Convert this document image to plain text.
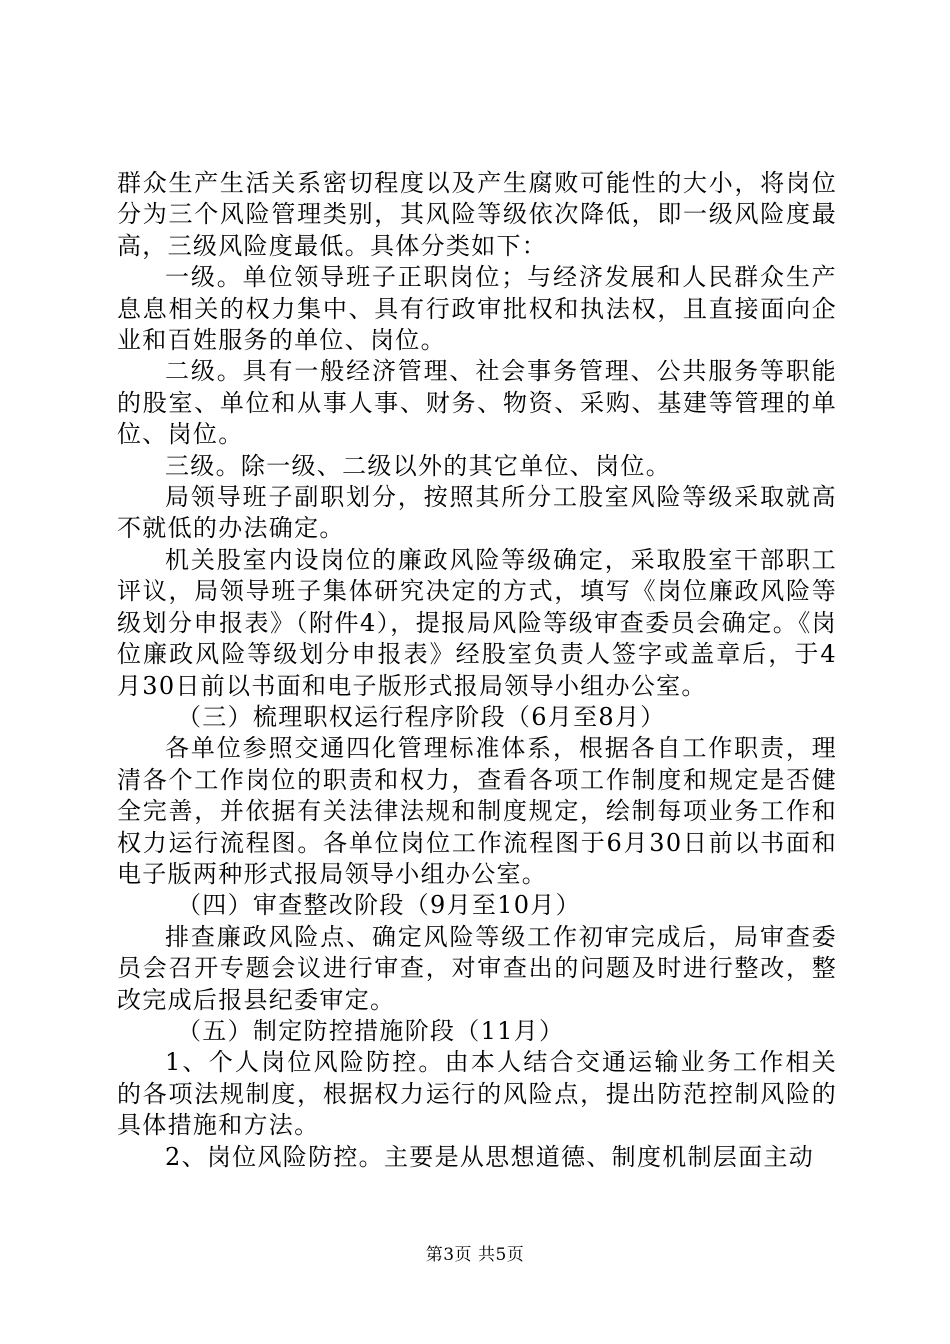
群众生产生活关系密切程度以及产生腐败可能性的大小，将岗位分为三个风险管理类别，其风险等级依次降低，即一级风险度最高，三级风险度最低。具体分类如下：

一级。单位领导班子正职岗位；与经济发展和人民群众生产息息相关的权力集中、具有行政审批权和执法权，且直接面向企业和百姓服务的单位、岗位。

二级。具有一般经济管理、社会事务管理、公共服务等职能的股室、单位和从事人事、财务、物资、采购、基建等管理的单位、岗位。

三级。除一级、二级以外的其它单位、岗位。

局领导班子副职划分，按照其所分工股室风险等级采取就高不就低的办法确定。

机关股室内设岗位的廉政风险等级确定，采取股室干部职工评议，局领导班子集体研究决定的方式，填写《岗位廉政风险等级划分申报表》（附件4），提报局风险等级审查委员会确定。《岗位廉政风险等级划分申报表》经股室负责人签字或盖章后，于4月30日前以书面和电子版形式报局领导小组办公室。

（三）梳理职权运行程序阶段（6月至8月）

各单位参照交通四化管理标准体系，根据各自工作职责，理清各个工作岗位的职责和权力，查看各项工作制度和规定是否健全完善，并依据有关法律法规和制度规定，绘制每项业务工作和权力运行流程图。各单位岗位工作流程图于6月30日前以书面和电子版两种形式报局领导小组办公室。

（四）审查整改阶段（9月至10月）

排查廉政风险点、确定风险等级工作初审完成后，局审查委员会召开专题会议进行审查，对审查出的问题及时进行整改，整改完成后报县纪委审定。

（五）制定防控措施阶段（11月）

1、个人岗位风险防控。由本人结合交通运输业务工作相关的各项法规制度，根据权力运行的风险点，提出防范控制风险的具体措施和方法。

2、岗位风险防控。主要是从思想道德、制度机制层面主动

第3页 共5页
